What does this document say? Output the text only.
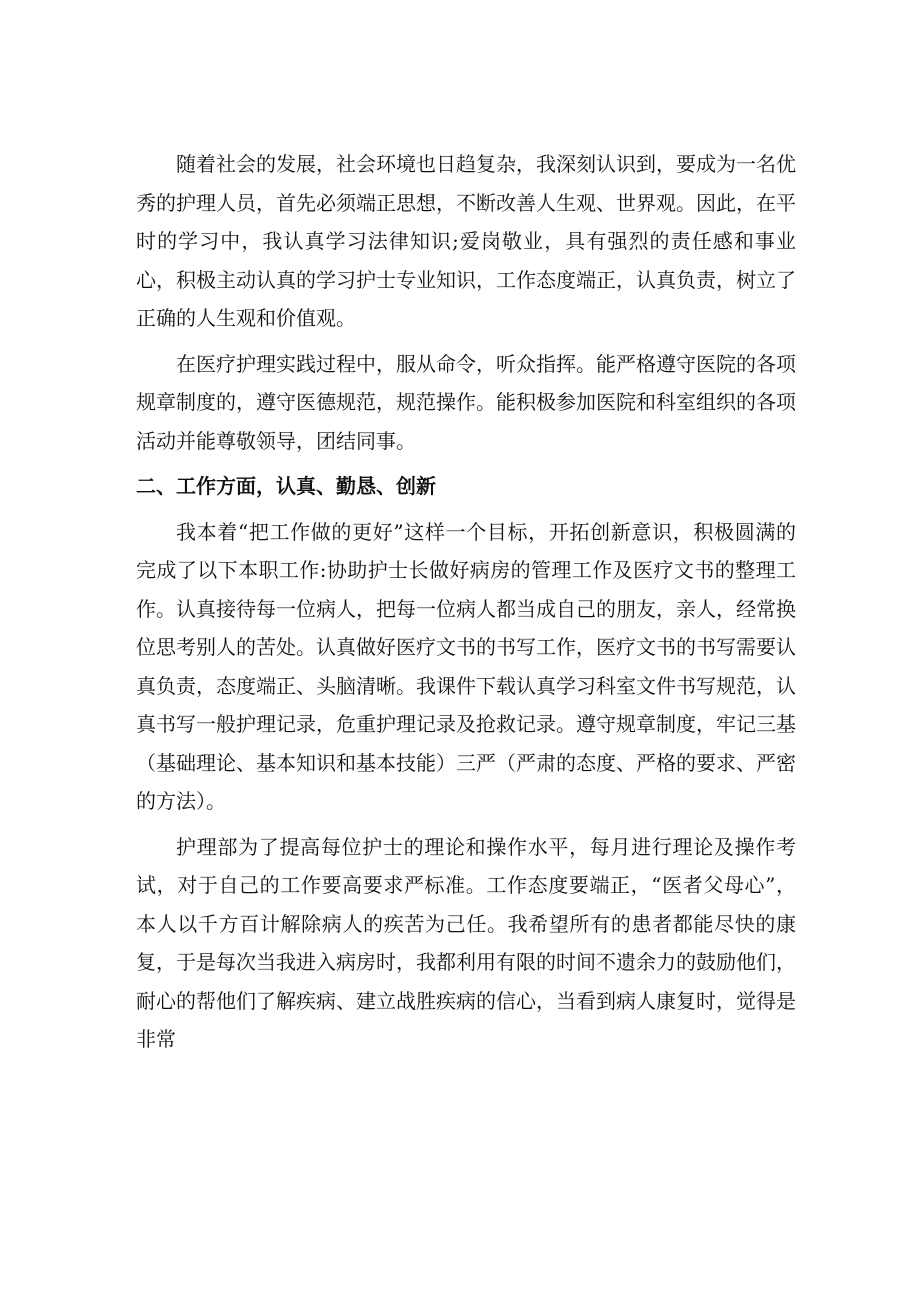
随着社会的发展，社会环境也日趋复杂，我深刻认识到，要成为一名优秀的护理人员，首先必须端正思想，不断改善人生观、世界观。因此，在平时的学习中，我认真学习法律知识;爱岗敬业，具有强烈的责任感和事业心，积极主动认真的学习护士专业知识，工作态度端正，认真负责，树立了正确的人生观和价值观。

在医疗护理实践过程中，服从命令，听众指挥。能严格遵守医院的各项规章制度的，遵守医德规范，规范操作。能积极参加医院和科室组织的各项活动并能尊敬领导，团结同事。

二、工作方面，认真、勤恳、创新

我本着“把工作做的更好”这样一个目标，开拓创新意识，积极圆满的完成了以下本职工作:协助护士长做好病房的管理工作及医疗文书的整理工作。认真接待每一位病人，把每一位病人都当成自己的朋友，亲人，经常换位思考别人的苦处。认真做好医疗文书的书写工作，医疗文书的书写需要认真负责，态度端正、头脑清晰。我课件下载认真学习科室文件书写规范，认真书写一般护理记录，危重护理记录及抢救记录。遵守规章制度，牢记三基（基础理论、基本知识和基本技能）三严（严肃的态度、严格的要求、严密的方法）。

护理部为了提高每位护士的理论和操作水平，每月进行理论及操作考试，对于自己的工作要高要求严标准。工作态度要端正，“医者父母心”，本人以千方百计解除病人的疾苦为己任。我希望所有的患者都能尽快的康复，于是每次当我进入病房时，我都利用有限的时间不遗余力的鼓励他们，耐心的帮他们了解疾病、建立战胜疾病的信心，当看到病人康复时，觉得是非常
